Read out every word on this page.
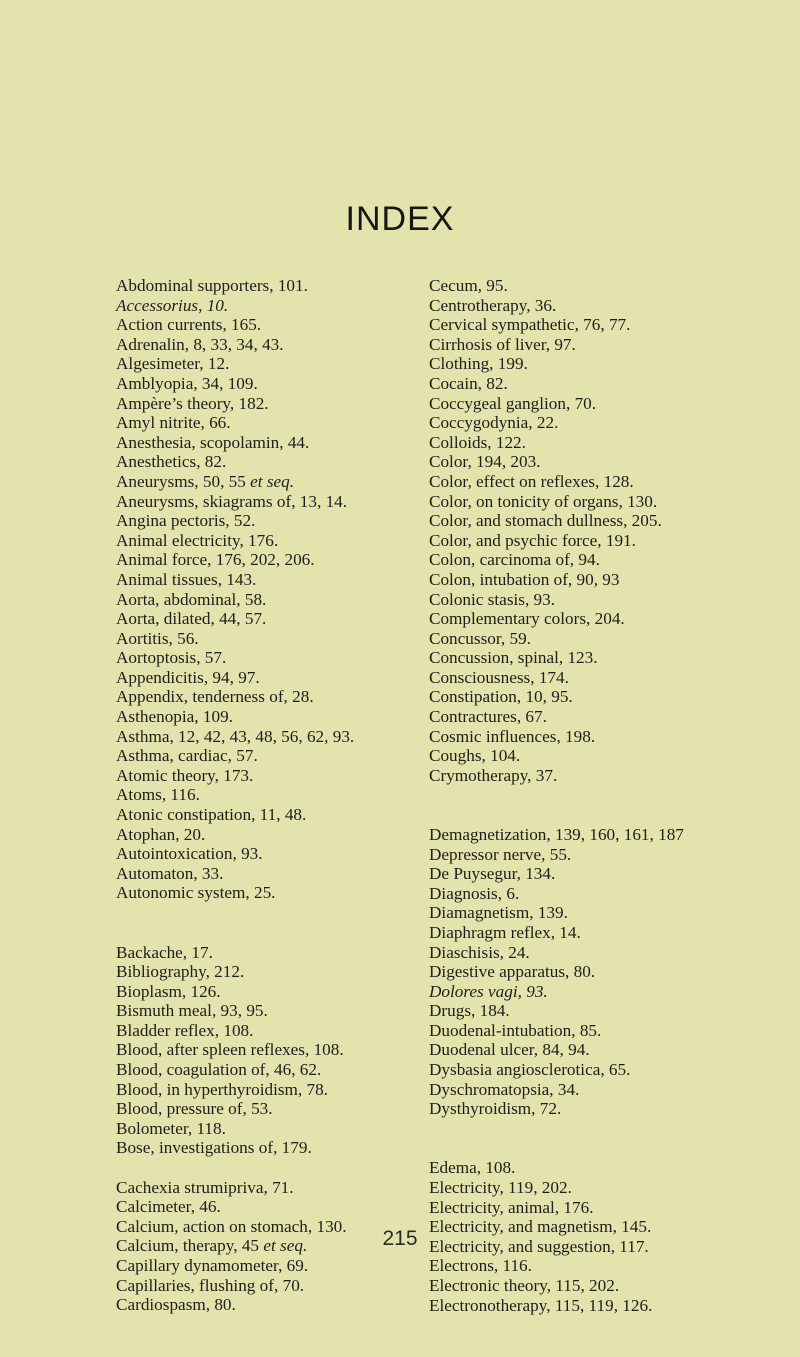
INDEX
Abdominal supporters, 101.
Accessorius, 10.
Action currents, 165.
Adrenalin, 8, 33, 34, 43.
Algesimeter, 12.
Amblyopia, 34, 109.
Ampère’s theory, 182.
Amyl nitrite, 66.
Anesthesia, scopolamin, 44.
Anesthetics, 82.
Aneurysms, 50, 55 et seq.
Aneurysms, skiagrams of, 13, 14.
Angina pectoris, 52.
Animal electricity, 176.
Animal force, 176, 202, 206.
Animal tissues, 143.
Aorta, abdominal, 58.
Aorta, dilated, 44, 57.
Aortitis, 56.
Aortoptosis, 57.
Appendicitis, 94, 97.
Appendix, tenderness of, 28.
Asthenopia, 109.
Asthma, 12, 42, 43, 48, 56, 62, 93.
Asthma, cardiac, 57.
Atomic theory, 173.
Atoms, 116.
Atonic constipation, 11, 48.
Atophan, 20.
Autointoxication, 93.
Automaton, 33.
Autonomic system, 25.
Backache, 17.
Bibliography, 212.
Bioplasm, 126.
Bismuth meal, 93, 95.
Bladder reflex, 108.
Blood, after spleen reflexes, 108.
Blood, coagulation of, 46, 62.
Blood, in hyperthyroidism, 78.
Blood, pressure of, 53.
Bolometer, 118.
Bose, investigations of, 179.
Cachexia strumipriva, 71.
Calcimeter, 46.
Calcium, action on stomach, 130.
Calcium, therapy, 45 et seq.
Capillary dynamometer, 69.
Capillaries, flushing of, 70.
Cardiospasm, 80.
Cecum, 95.
Centrotherapy, 36.
Cervical sympathetic, 76, 77.
Cirrhosis of liver, 97.
Clothing, 199.
Cocain, 82.
Coccygeal ganglion, 70.
Coccygodynia, 22.
Colloids, 122.
Color, 194, 203.
Color, effect on reflexes, 128.
Color, on tonicity of organs, 130.
Color, and stomach dullness, 205.
Color, and psychic force, 191.
Colon, carcinoma of, 94.
Colon, intubation of, 90, 93
Colonic stasis, 93.
Complementary colors, 204.
Concussor, 59.
Concussion, spinal, 123.
Consciousness, 174.
Constipation, 10, 95.
Contractures, 67.
Cosmic influences, 198.
Coughs, 104.
Crymotherapy, 37.
Demagnetization, 139, 160, 161, 187
Depressor nerve, 55.
De Puysegur, 134.
Diagnosis, 6.
Diamagnetism, 139.
Diaphragm reflex, 14.
Diaschisis, 24.
Digestive apparatus, 80.
Dolores vagi, 93.
Drugs, 184.
Duodenal-intubation, 85.
Duodenal ulcer, 84, 94.
Dysbasia angiosclerotica, 65.
Dyschromatopsia, 34.
Dysthyroidism, 72.
Edema, 108.
Electricity, 119, 202.
Electricity, animal, 176.
Electricity, and magnetism, 145.
Electricity, and suggestion, 117.
Electrons, 116.
Electronic theory, 115, 202.
Electronotherapy, 115, 119, 126.
215
